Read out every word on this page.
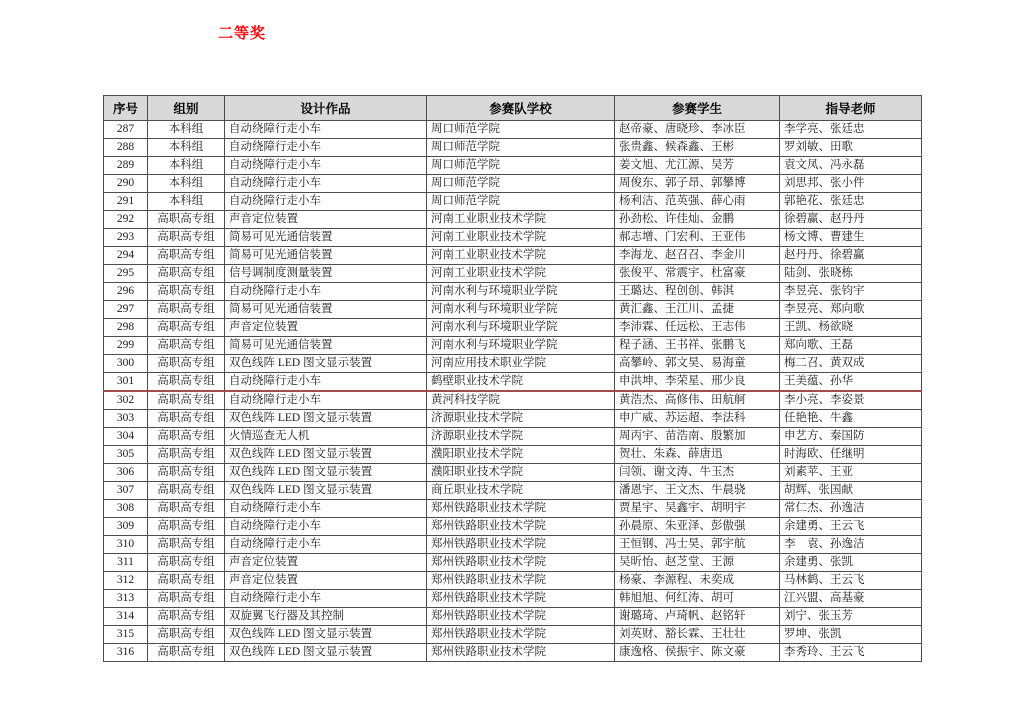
二等奖
序号	组别	设计作品	参赛队学校	参赛学生	指导老师
287	本科组	自动绕障行走小车	周口师范学院	赵帝豪、唐晓珍、李冰臣	李学亮、张廷忠
288	本科组	自动绕障行走小车	周口师范学院	张贵鑫、候森鑫、王彬	罗刘敏、田歌
289	本科组	自动绕障行走小车	周口师范学院	姜文旭、尤江源、吴芳	袁文凤、冯永磊
290	本科组	自动绕障行走小车	周口师范学院	周俊东、郭子昂、郭攀博	刘思邦、张小件
291	本科组	自动绕障行走小车	周口师范学院	杨利洁、范英强、薛心雨	郭艳花、张廷忠
292	高职高专组	声音定位装置	河南工业职业技术学院	孙劲松、许佳灿、金鹏	徐碧赢、赵丹丹
293	高职高专组	简易可见光通信装置	河南工业职业技术学院	郝志增、门宏利、王亚伟	杨文博、曹建生
294	高职高专组	简易可见光通信装置	河南工业职业技术学院	李海龙、赵召召、李金川	赵丹丹、徐碧赢
295	高职高专组	信号调制度测量装置	河南工业职业技术学院	张俊平、常震宇、杜富豪	陆剑、张晓栋
296	高职高专组	自动绕障行走小车	河南水利与环境职业学院	王璐达、程创创、韩淇	李昱亮、张钧宇
297	高职高专组	简易可见光通信装置	河南水利与环境职业学院	黄汇鑫、王江川、孟捷	李昱亮、郑向歌
298	高职高专组	声音定位装置	河南水利与环境职业学院	李沛霖、任远松、王志伟	王凯、杨欲晓
299	高职高专组	简易可见光通信装置	河南水利与环境职业学院	程子涵、王书祥、张鹏飞	郑向歌、王磊
300	高职高专组	双色线阵 LED 图文显示装置	河南应用技术职业学院	高攀岭、郭文昊、易海童	梅二召、黄双成
301	高职高专组	自动绕障行走小车	鹤壁职业技术学院	申洪坤、李荣星、邢少良	王美蕴、孙华
302	高职高专组	自动绕障行走小车	黄河科技学院	黄浩杰、高修伟、田航舸	李小亮、李姿景
303	高职高专组	双色线阵 LED 图文显示装置	济源职业技术学院	申广威、苏运超、李法科	任艳艳、牛鑫
304	高职高专组	火情巡查无人机	济源职业技术学院	周丙宇、苗浩南、殷繁加	申艺方、秦国防
305	高职高专组	双色线阵 LED 图文显示装置	濮阳职业技术学院	贺壮、朱森、薛唐迅	时海欧、任继明
306	高职高专组	双色线阵 LED 图文显示装置	濮阳职业技术学院	闫领、谢文涛、牛玉杰	刘素苹、王亚
307	高职高专组	双色线阵 LED 图文显示装置	商丘职业技术学院	潘恩宇、王文杰、牛晨骁	胡辉、张国献
308	高职高专组	自动绕障行走小车	郑州铁路职业技术学院	贾星宇、吴鑫宇、胡明宇	常仁杰、孙逸洁
309	高职高专组	自动绕障行走小车	郑州铁路职业技术学院	孙晨原、朱亚泽、彭傲强	余建勇、王云飞
310	高职高专组	自动绕障行走小车	郑州铁路职业技术学院	王恒钢、冯士昊、郭宇航	李　袁、孙逸洁
311	高职高专组	声音定位装置	郑州铁路职业技术学院	吴昕怡、赵芝堂、王源	余建勇、张凯
312	高职高专组	声音定位装置	郑州铁路职业技术学院	杨豪、李源程、未奕成	马林鹤、王云飞
313	高职高专组	自动绕障行走小车	郑州铁路职业技术学院	韩旭旭、何红涛、胡可	江兴盟、高基豪
314	高职高专组	双旋翼飞行器及其控制	郑州铁路职业技术学院	谢璐琦、卢琦帆、赵铭轩	刘宁、张玉芳
315	高职高专组	双色线阵 LED 图文显示装置	郑州铁路职业技术学院	刘英财、豁长霖、王壮壮	罗坤、张凯
316	高职高专组	双色线阵 LED 图文显示装置	郑州铁路职业技术学院	康逸格、侯振宇、陈文豪	李秀玲、王云飞
